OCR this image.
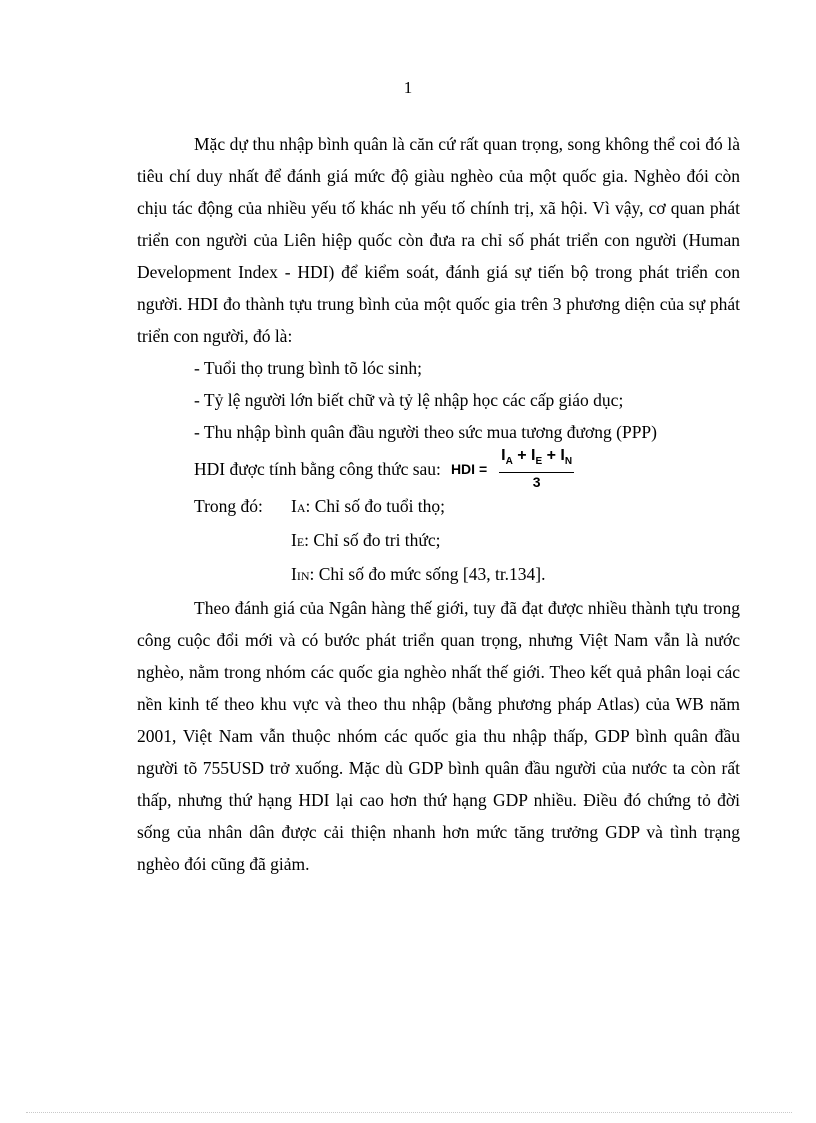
1

Mặc dự thu nhập bình quân là căn cứ rất quan trọng, song không thể coi đó là tiêu chí duy nhất để đánh giá mức độ giàu nghèo của một quốc gia. Nghèo đói còn chịu tác động của nhiều yếu tố khác nh yếu tố chính trị, xã hội. Vì vậy, cơ quan phát triển con người của Liên hiệp quốc còn đưa ra chỉ số phát triển con người (Human Development Index - HDI) để kiểm soát, đánh giá sự tiến bộ trong phát triển con người. HDI đo thành tựu trung bình của một quốc gia trên 3 phương diện của sự phát triển con người, đó là:

- Tuổi thọ trung bình tõ lóc sinh;

- Tỷ lệ người lớn biết chữ và tỷ lệ nhập học các cấp giáo dục;

- Thu nhập bình quân đầu người theo sức mua tương đương (PPP)

HDI được tính bằng công thức sau: HDI = $\frac{I_A + I_E + I_N}{3}$
Trong đó:	IA: Chỉ số đo tuổi thọ;
IE: Chỉ số đo tri thức;
IIN: Chỉ số đo mức sống [43, tr.134].

Theo đánh giá của Ngân hàng thế giới, tuy đã đạt được nhiều thành tựu trong công cuộc đổi mới và có bước phát triển quan trọng, nhưng Việt Nam vẫn là nước nghèo, nằm trong nhóm các quốc gia nghèo nhất thế giới. Theo kết quả phân loại các nền kinh tế theo khu vực và theo thu nhập (bằng phương pháp Atlas) của WB năm 2001, Việt Nam vẫn thuộc nhóm các quốc gia thu nhập thấp, GDP bình quân đầu người tõ 755USD trở xuống. Mặc dù GDP bình quân đầu người của nước ta còn rất thấp, nhưng thứ hạng HDI lại cao hơn thứ hạng GDP nhiều. Điều đó chứng tỏ đời sống của nhân dân được cải thiện nhanh hơn mức tăng trưởng GDP và tình trạng nghèo đói cũng đã giảm.
